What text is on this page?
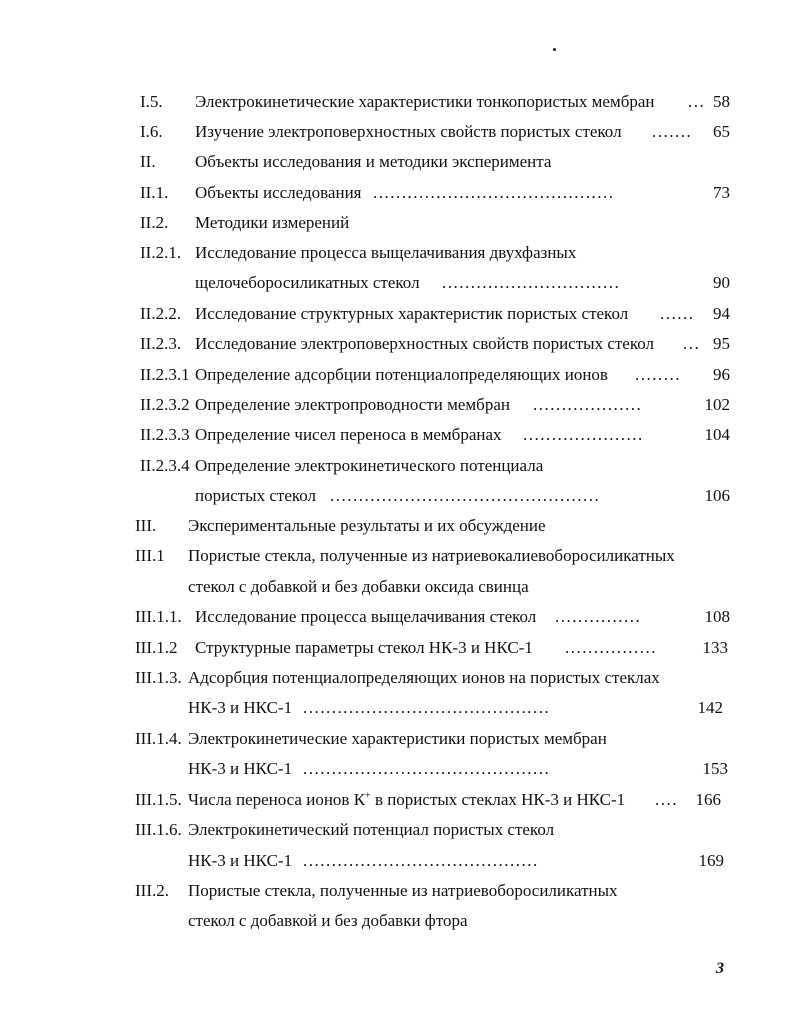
I.5. Электрокинетические характеристики тонкопористых мембран ... 58
I.6. Изучение электроповерхностных свойств пористых стекол .......	65
II. Объекты исследования и методики эксперимента
II.1. Объекты исследования ..........................................	73
II.2. Методики измерений
II.2.1. Исследование процесса выщелачивания двухфазных
щелочеборосиликатных стекол ...............................	90
II.2.2. Исследование структурных характеристик пористых стекол ......	94
II.2.3. Исследование электроповерхностных свойств пористых стекол ... 95
II.2.3.1 Определение адсорбции потенциалопределяющих ионов ........	96
II.2.3.2 Определение электропроводности мембран ...................	102
II.2.3.3 Определение чисел переноса в мембранах .....................	104
II.2.3.4 Определение электрокинетического потенциала
пористых стекол ...............................................	106
III. Экспериментальные результаты и их обсуждение
III.1 Пористые стекла, полученные из натриевокалиевоборосиликатных
стекол с добавкой и без добавки оксида свинца
III.1.1. Исследование процесса выщелачивания стекол ...............	108
III.1.2 Структурные параметры стекол НК-3 и НКС-1 ................	133
III.1.3. Адсорбция потенциалопределяющих ионов на пористых стеклах
НК-3 и НКС-1 ...........................................	142
III.1.4. Электрокинетические характеристики пористых мембран
НК-3 и НКС-1 ...........................................	153
III.1.5. Числа переноса ионов К+ в пористых стеклах НК-3 и НКС-1 ....	166
III.1.6. Электрокинетический потенциал пористых стекол
НК-3 и НКС-1 .........................................	169
III.2. Пористые стекла, полученные из натриевоборосиликатных
стекол с добавкой и без добавки фтора
3
